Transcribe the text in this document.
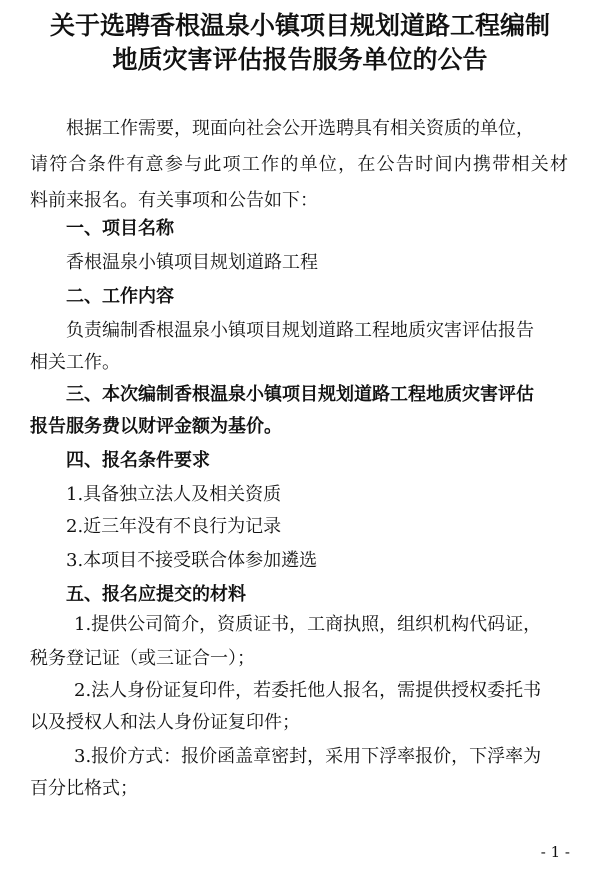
关于选聘香根温泉小镇项目规划道路工程编制
地质灾害评估报告服务单位的公告

根据工作需要，现面向社会公开选聘具有相关资质的单位，

请符合条件有意参与此项工作的单位，在公告时间内携带相关材

料前来报名。有关事项和公告如下：

一、项目名称

香根温泉小镇项目规划道路工程

二、工作内容

负责编制香根温泉小镇项目规划道路工程地质灾害评估报告

相关工作。

三、本次编制香根温泉小镇项目规划道路工程地质灾害评估

报告服务费以财评金额为基价。

四、报名条件要求

1.具备独立法人及相关资质

2.近三年没有不良行为记录

3.本项目不接受联合体参加遴选

五、报名应提交的材料

1.提供公司简介，资质证书，工商执照，组织机构代码证，

税务登记证（或三证合一）；

2.法人身份证复印件，若委托他人报名，需提供授权委托书

以及授权人和法人身份证复印件；

3.报价方式：报价函盖章密封，采用下浮率报价，下浮率为

百分比格式；

- 1 -
